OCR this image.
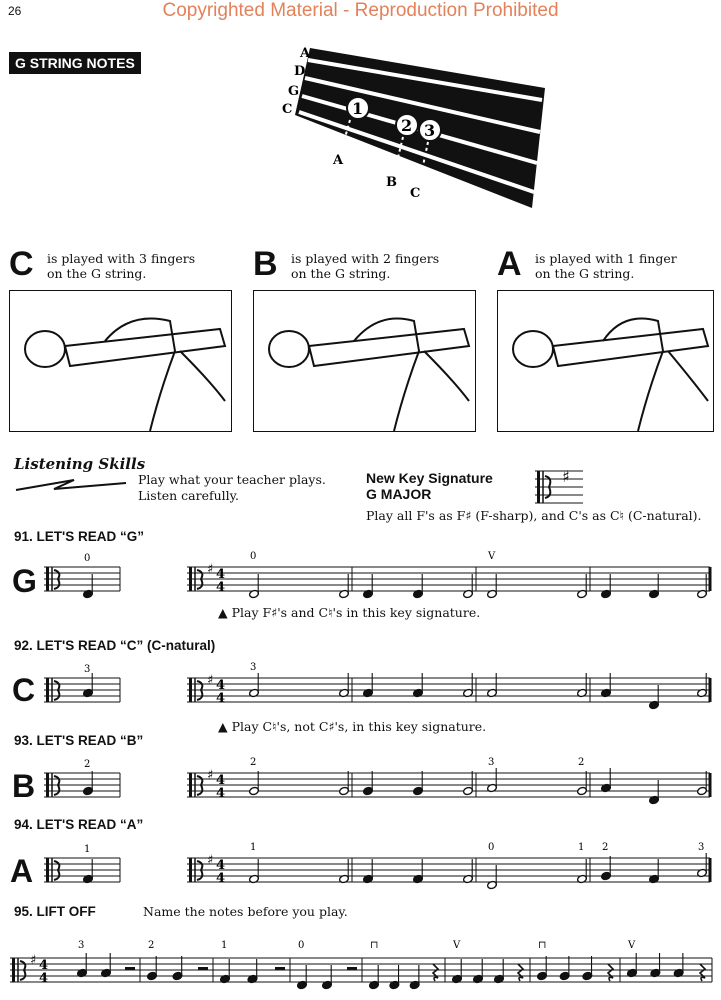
26	Copyrighted Material - Reproduction Prohibited
G STRING NOTES
A
D
G
C	1
2 3
A
B
C
C is played with 3 fingers
on the G string.	B is played with 2 fingers
on the G string.	A is played with 1 finger
on the G string.
Listening Skills
Play what your teacher plays.
Listen carefully.
New Key Signature
G MAJOR
♯
Play all F's as F♯ (F-sharp), and C's as C♮ (C-natural).
91. LET'S READ “G”
G
▲ Play F♯'s and C♮'s in this key signature.
92. LET'S READ “C” (C-natural)
C
▲ Play C♮'s, not C♯'s, in this key signature.
93. LET'S READ “B”
B
94. LET'S READ “A”
A
95. LIFT OFF	Name the notes before you play.
0
♯ 4
4
0	V
3
♯ 4
4
3
2
♯ 4
4
2	3	2
1
♯ 4
4
1	0	1 2	3
♯ 4
4
3	2	1	0	⊓	V	⊓	V
